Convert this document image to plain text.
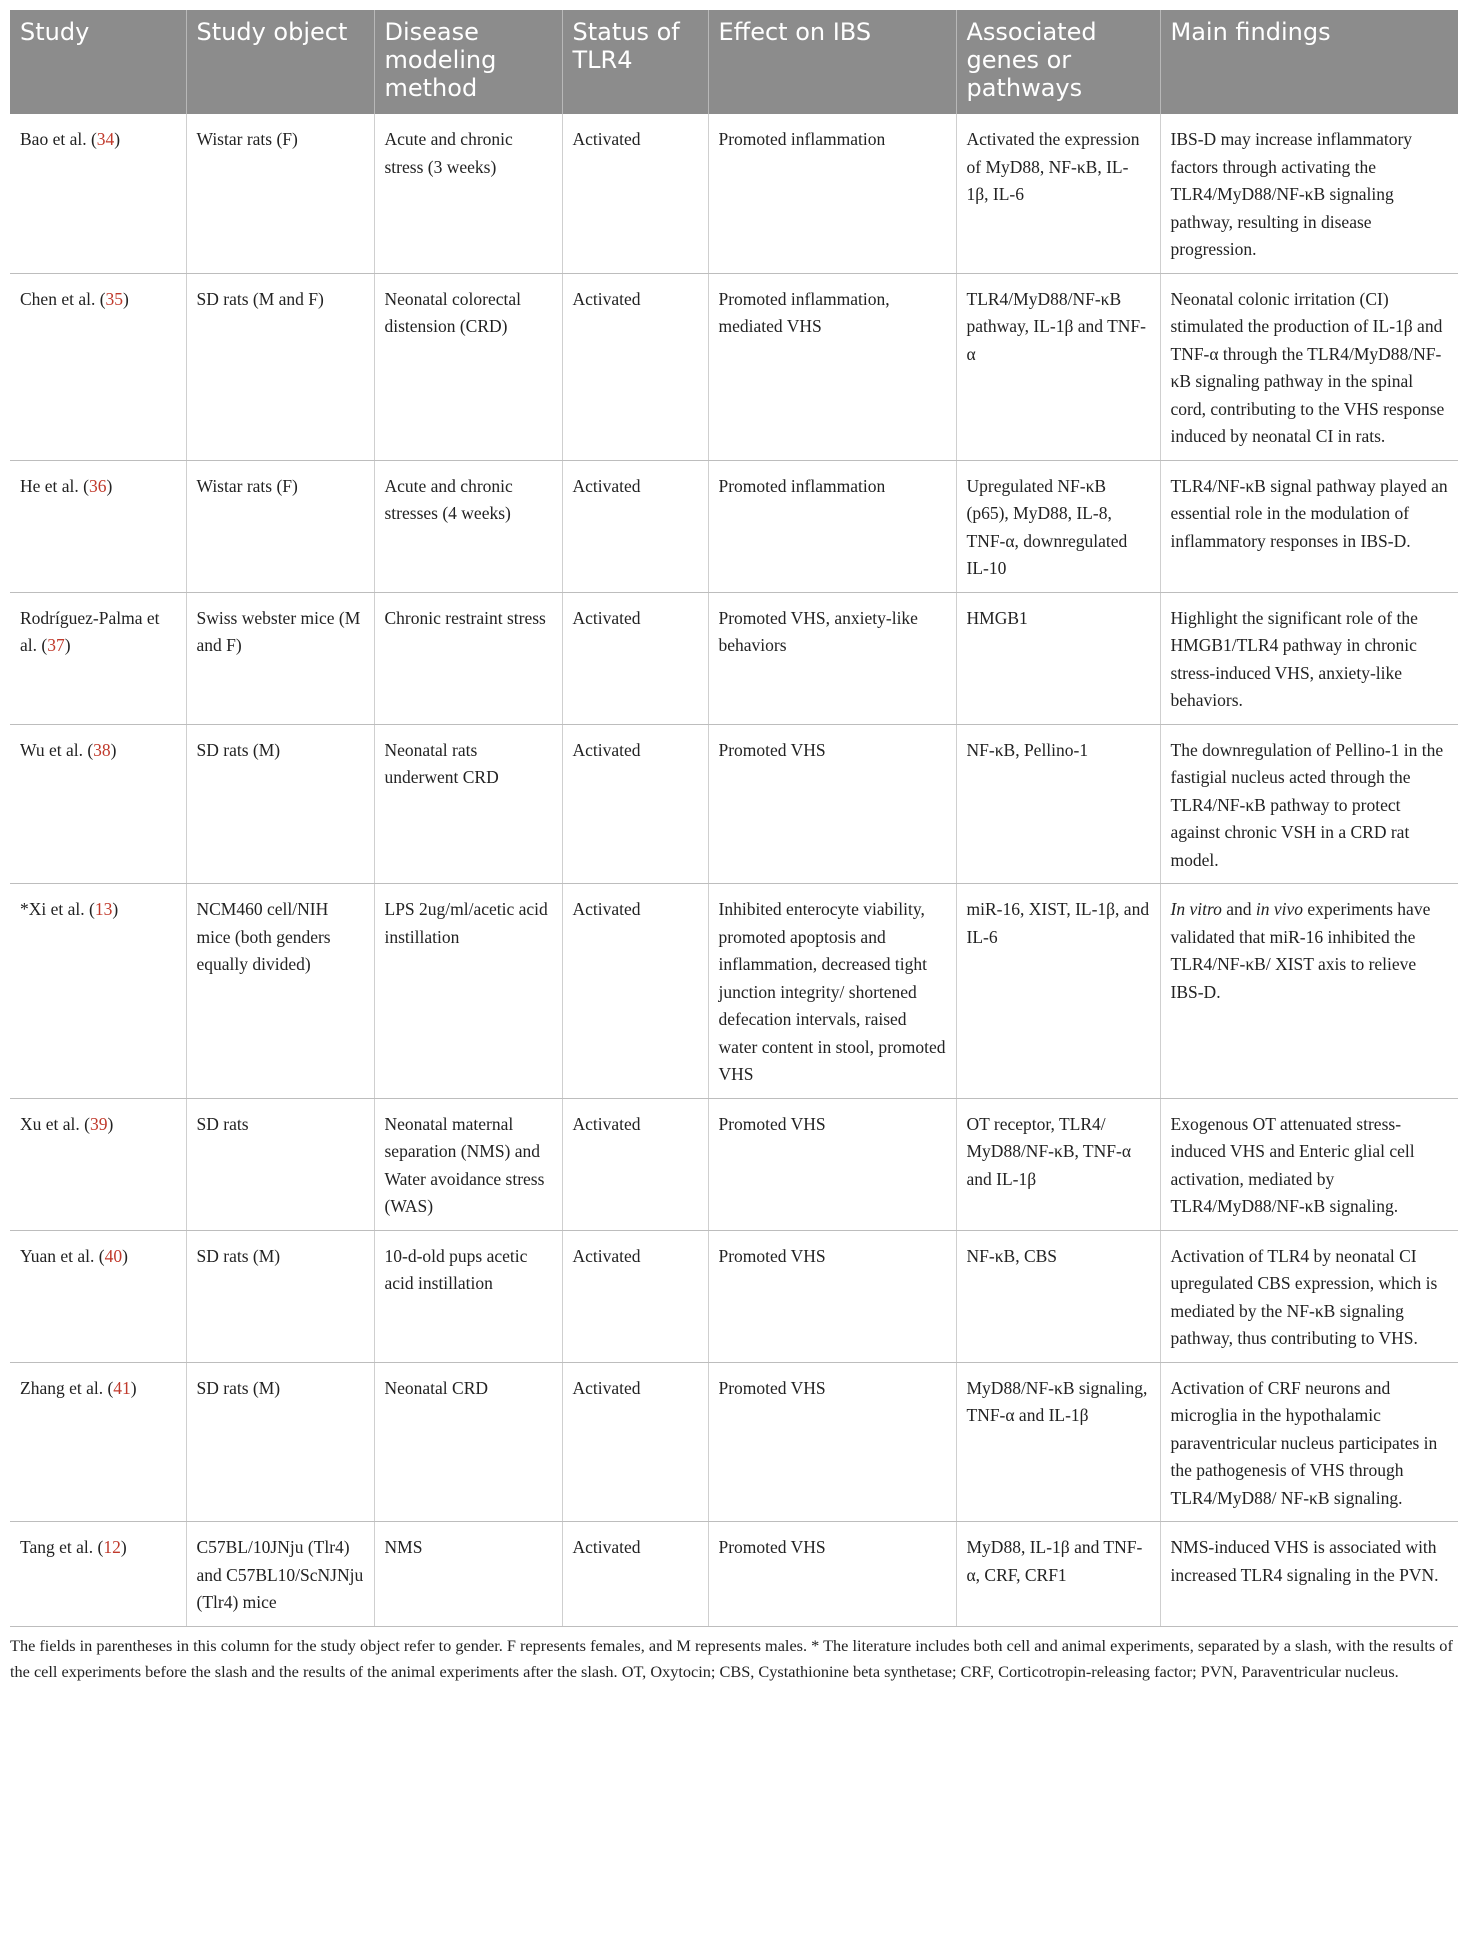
Study	Study object	Disease modeling method	Status of TLR4	Effect on IBS	Associated genes or pathways	Main findings
Bao et al. (34)	Wistar rats (F)	Acute and chronic stress (3 weeks)	Activated	Promoted inflammation	Activated the expression of MyD88, NF-κB, IL-1β, IL-6	IBS-D may increase inflammatory factors through activating the TLR4/MyD88/NF-κB signaling pathway, resulting in disease progression.
Chen et al. (35)	SD rats (M and F)	Neonatal colorectal distension (CRD)	Activated	Promoted inflammation, mediated VHS	TLR4/MyD88/NF-κB pathway, IL-1β and TNF-α	Neonatal colonic irritation (CI) stimulated the production of IL-1β and TNF-α through the TLR4/MyD88/NF-κB signaling pathway in the spinal cord, contributing to the VHS response induced by neonatal CI in rats.
He et al. (36)	Wistar rats (F)	Acute and chronic stresses (4 weeks)	Activated	Promoted inflammation	Upregulated NF-κB (p65), MyD88, IL-8, TNF-α, downregulated IL-10	TLR4/NF-κB signal pathway played an essential role in the modulation of inflammatory responses in IBS-D.
Rodríguez-Palma et al. (37)	Swiss webster mice (M and F)	Chronic restraint stress	Activated	Promoted VHS, anxiety-like behaviors	HMGB1	Highlight the significant role of the HMGB1/TLR4 pathway in chronic stress-induced VHS, anxiety-like behaviors.
Wu et al. (38)	SD rats (M)	Neonatal rats underwent CRD	Activated	Promoted VHS	NF-κB, Pellino-1	The downregulation of Pellino-1 in the fastigial nucleus acted through the TLR4/NF-κB pathway to protect against chronic VSH in a CRD rat model.
*Xi et al. (13)	NCM460 cell/NIH mice (both genders equally divided)	LPS 2ug/ml/acetic acid instillation	Activated	Inhibited enterocyte viability, promoted apoptosis and inflammation, decreased tight junction integrity/ shortened defecation intervals, raised water content in stool, promoted VHS	miR-16, XIST, IL-1β, and IL-6	In vitro and in vivo experiments have validated that miR-16 inhibited the TLR4/NF-κB/ XIST axis to relieve IBS-D.
Xu et al. (39)	SD rats	Neonatal maternal separation (NMS) and Water avoidance stress (WAS)	Activated	Promoted VHS	OT receptor, TLR4/ MyD88/NF-κB, TNF-α and IL-1β	Exogenous OT attenuated stress-induced VHS and Enteric glial cell activation, mediated by TLR4/MyD88/NF-κB signaling.
Yuan et al. (40)	SD rats (M)	10-d-old pups acetic acid instillation	Activated	Promoted VHS	NF-κB, CBS	Activation of TLR4 by neonatal CI upregulated CBS expression, which is mediated by the NF-κB signaling pathway, thus contributing to VHS.
Zhang et al. (41)	SD rats (M)	Neonatal CRD	Activated	Promoted VHS	MyD88/NF-κB signaling, TNF-α and IL-1β	Activation of CRF neurons and microglia in the hypothalamic paraventricular nucleus participates in the pathogenesis of VHS through TLR4/MyD88/ NF-κB signaling.
Tang et al. (12)	C57BL/10JNju (Tlr4) and C57BL10/ScNJNju (Tlr4) mice	NMS	Activated	Promoted VHS	MyD88, IL-1β and TNF-α, CRF, CRF1	NMS-induced VHS is associated with increased TLR4 signaling in the PVN.

The fields in parentheses in this column for the study object refer to gender. F represents females, and M represents males. * The literature includes both cell and animal experiments, separated by a slash, with the results of the cell experiments before the slash and the results of the animal experiments after the slash. OT, Oxytocin; CBS, Cystathionine beta synthetase; CRF, Corticotropin-releasing factor; PVN, Paraventricular nucleus.
